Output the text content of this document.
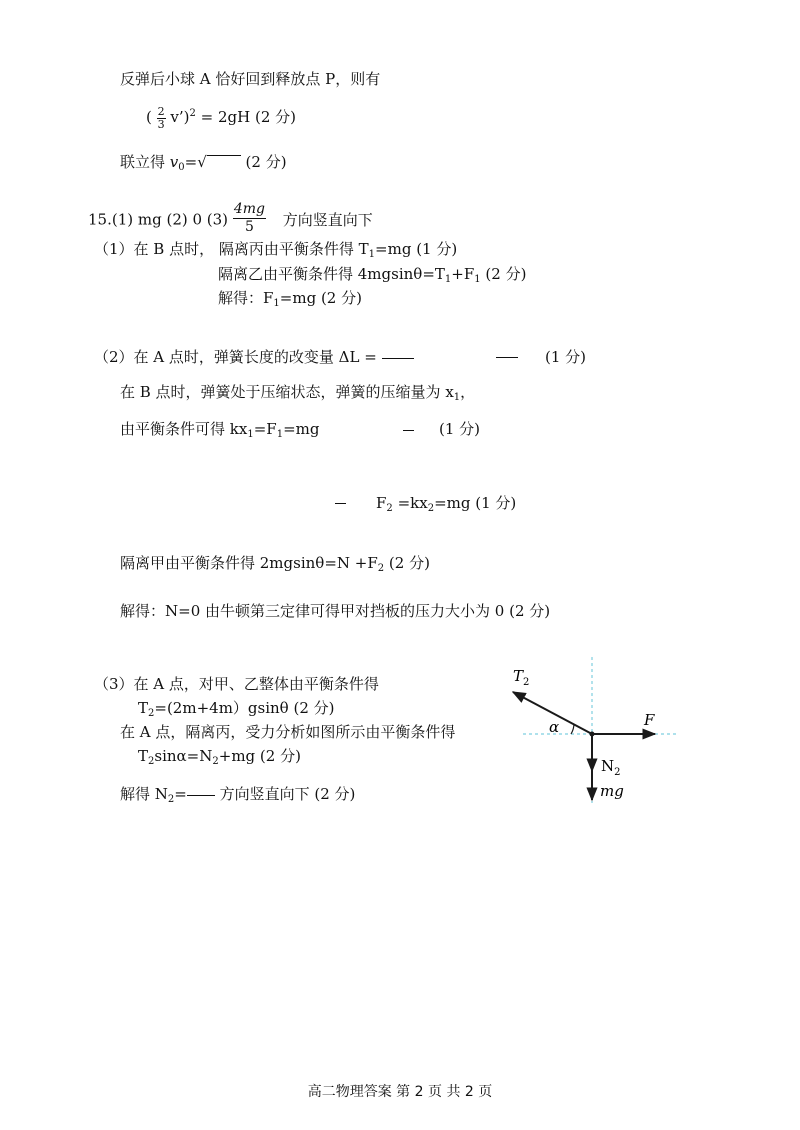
反弹后小球 A 恰好回到释放点 P，则有
( $\frac{2}{3}$ v’)$^2$ = 2gH (2 分)
联立得 $v_0=√$ (2 分)
15.(1) mg (2) 0 $(3) \frac{4mg}{5}$ 方向竖直向下
（1）在 B 点时， 隔离丙由平衡条件得 $T_1=mg$ (1 分)
隔离乙由平衡条件得 $4mgsin\theta=T_1+F_1$ (2 分)
解得：$F_1=mg$ (2 分)
（2）在 A 点时，弹簧长度的改变量 ΔL =	(1 分)
在 B 点时，弹簧处于压缩状态，弹簧的压缩量为 $x_1$，
由平衡条件可得 $kx_1=F_1=mg$	(1 分)
$F_2 =kx_2=mg$ (1 分)
隔离甲由平衡条件得 $2mgsin\theta=N +F_2$ (2 分)
解得：N=0 由牛顿第三定律可得甲对挡板的压力大小为 0 (2 分)
（3）在 A 点，对甲、乙整体由平衡条件得
$T_2=(2m+4m)gsin\theta$ (2 分)
在 A 点，隔离丙，受力分析如图所示由平衡条件得
$T_2\sin\alpha=N_2+mg$ (2 分)
解得 $N_2=$ 方向竖直向下 (2 分)
$T_2$
α	F
$N_2$
mg
高二物理答案 第 2 页 共 2 页
